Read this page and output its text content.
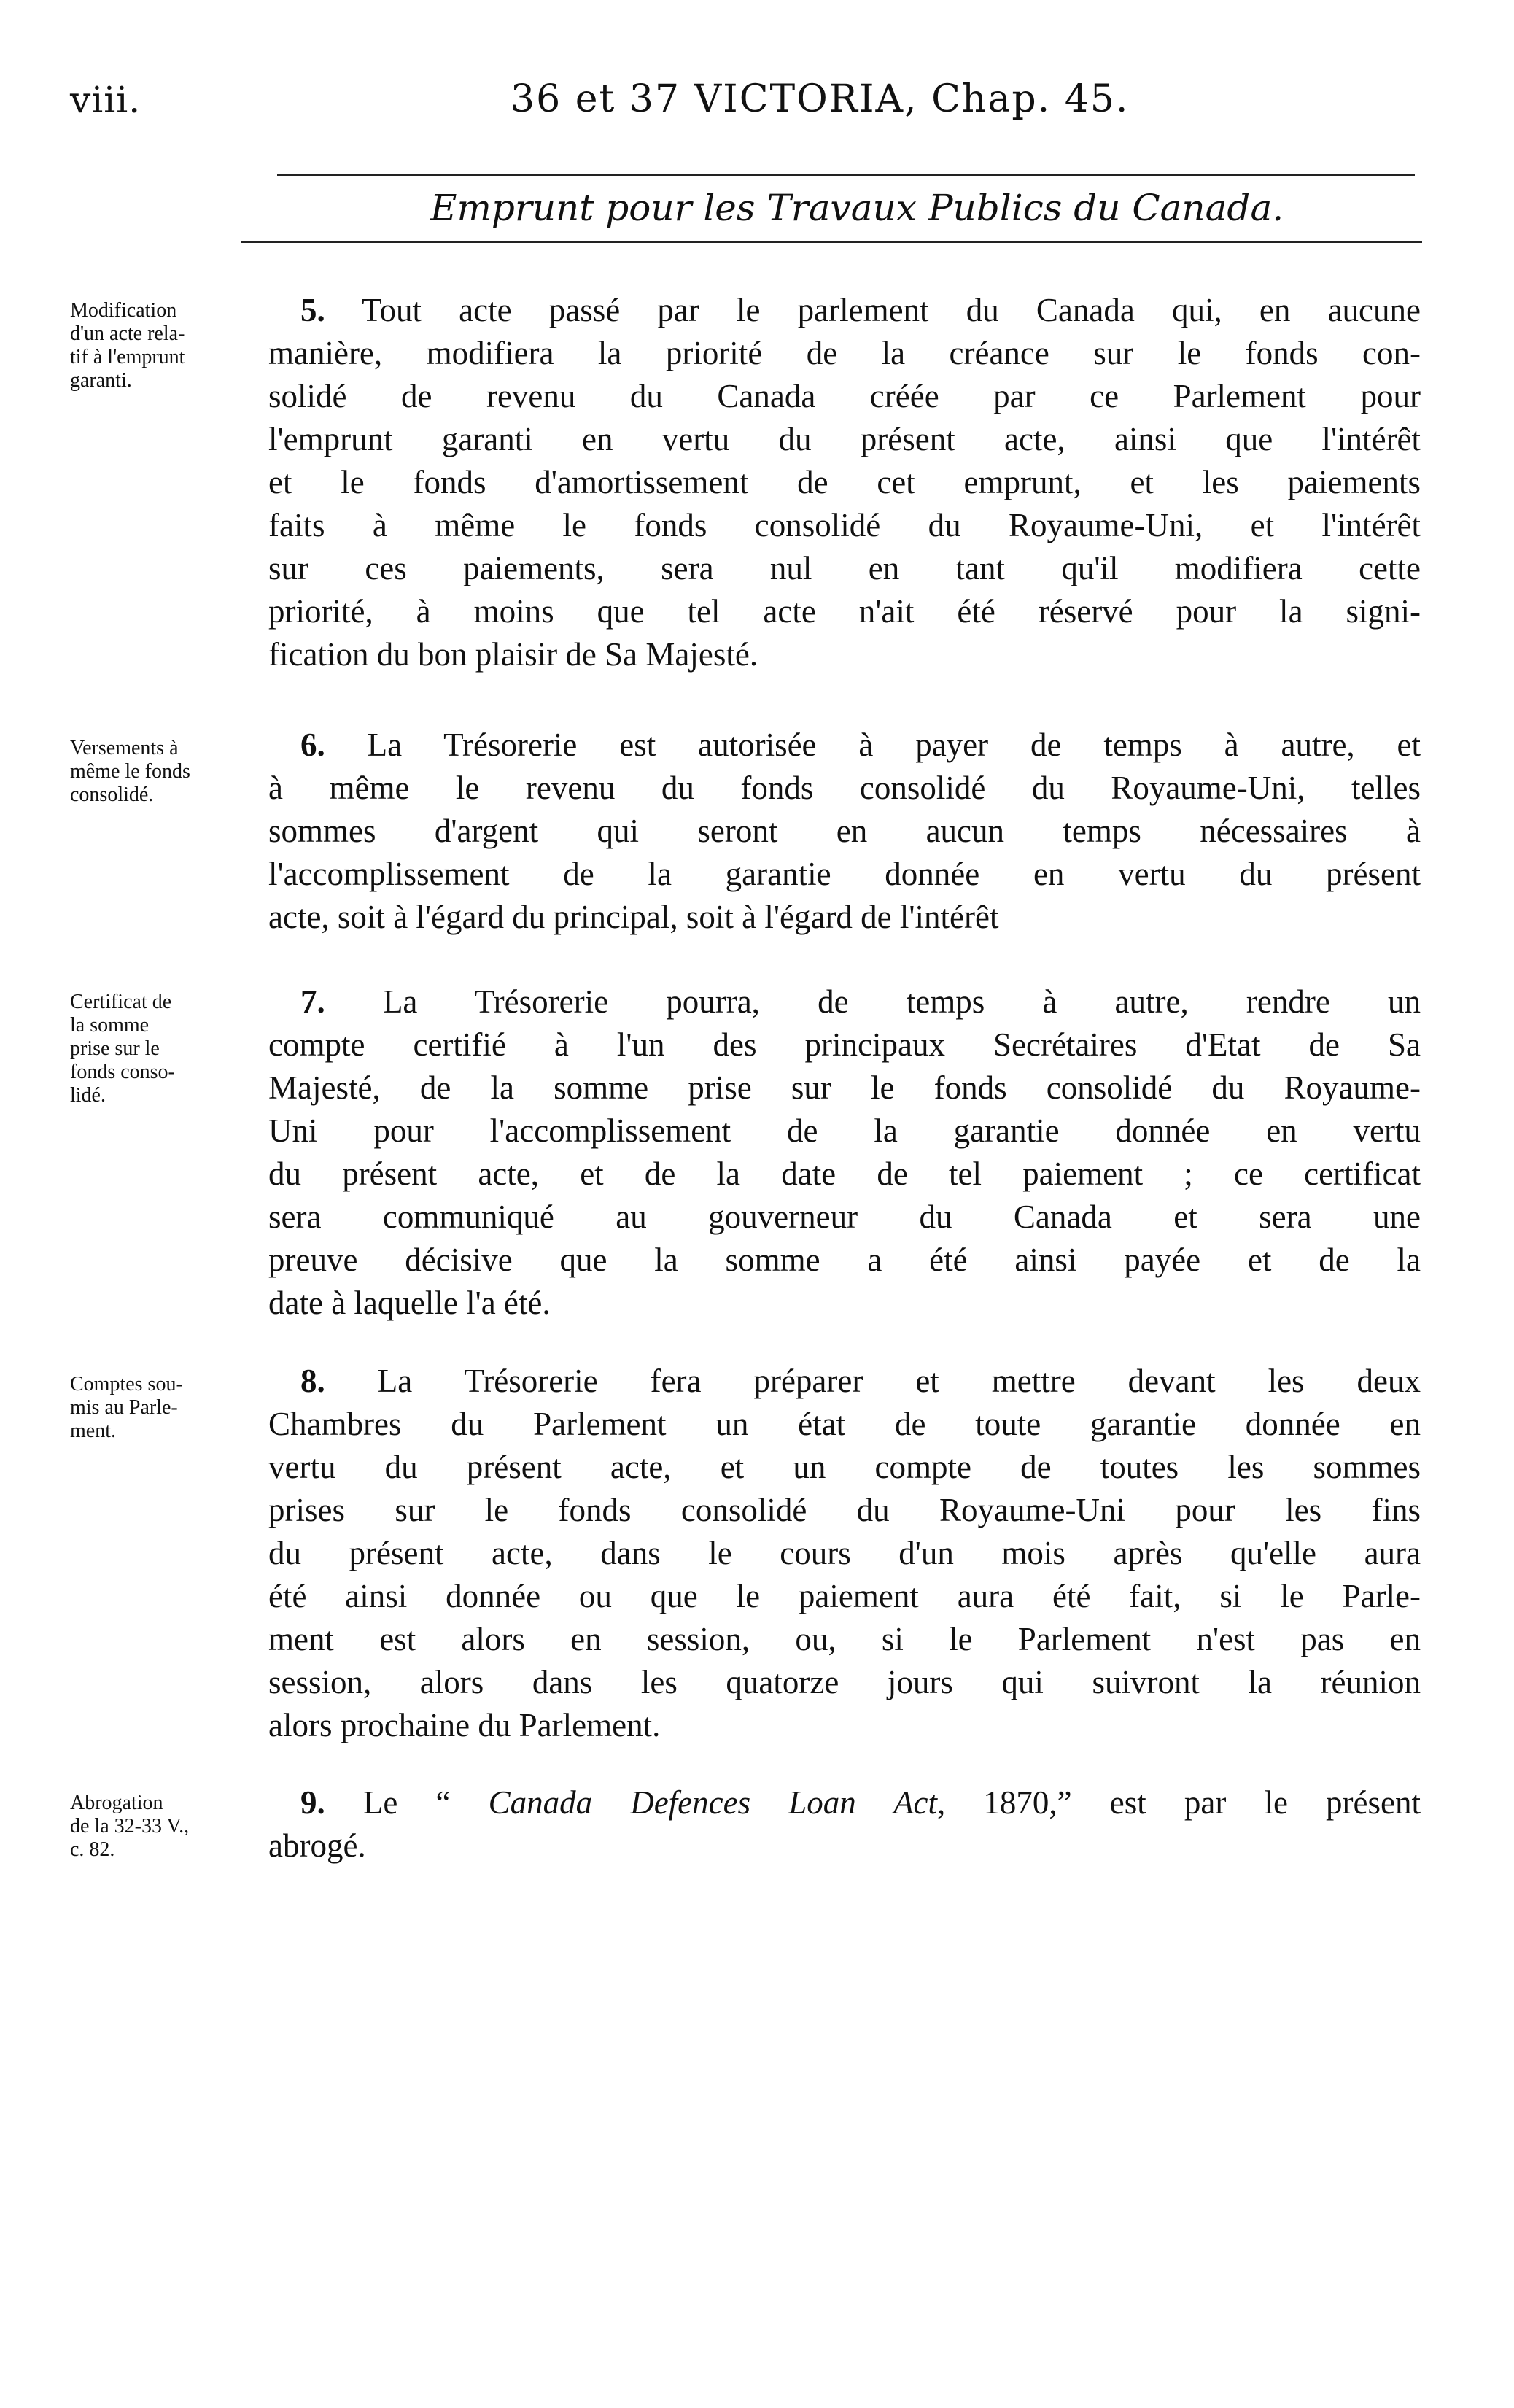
viii.	36 et 37 VICTORIA, Chap. 45.
Emprunt pour les Travaux Publics du Canada.
Modification
d'un acte rela-
tif à l'emprunt
garanti.
5. Tout acte passé par le parlement du Canada qui, en aucune
manière, modifiera la priorité de la créance sur le fonds con-
solidé de revenu du Canada créée par ce Parlement pour
l'emprunt garanti en vertu du présent acte, ainsi que l'intérêt
et le fonds d'amortissement de cet emprunt, et les paiements
faits à même le fonds consolidé du Royaume-Uni, et l'intérêt
sur ces paiements, sera nul en tant qu'il modifiera cette
priorité, à moins que tel acte n'ait été réservé pour la signi-
fication du bon plaisir de Sa Majesté.
Versements à
même le fonds
consolidé.
6. La Trésorerie est autorisée à payer de temps à autre, et
à même le revenu du fonds consolidé du Royaume-Uni, telles
sommes d'argent qui seront en aucun temps nécessaires à
l'accomplissement de la garantie donnée en vertu du présent
acte, soit à l'égard du principal, soit à l'égard de l'intérêt
Certificat de
la somme
prise sur le
fonds conso-
lidé.
7. La Trésorerie pourra, de temps à autre, rendre un
compte certifié à l'un des principaux Secrétaires d'Etat de Sa
Majesté, de la somme prise sur le fonds consolidé du Royaume-
Uni pour l'accomplissement de la garantie donnée en vertu
du présent acte, et de la date de tel paiement ; ce certificat
sera communiqué au gouverneur du Canada et sera une
preuve décisive que la somme a été ainsi payée et de la
date à laquelle l'a été.
Comptes sou-
mis au Parle-
ment.
8. La Trésorerie fera préparer et mettre devant les deux
Chambres du Parlement un état de toute garantie donnée en
vertu du présent acte, et un compte de toutes les sommes
prises sur le fonds consolidé du Royaume-Uni pour les fins
du présent acte, dans le cours d'un mois après qu'elle aura
été ainsi donnée ou que le paiement aura été fait, si le Parle-
ment est alors en session, ou, si le Parlement n'est pas en
session, alors dans les quatorze jours qui suivront la réunion
alors prochaine du Parlement.
Abrogation
de la 32-33 V.,
c. 82.
9. Le “ Canada Defences Loan Act, 1870,” est par le présent
abrogé.
